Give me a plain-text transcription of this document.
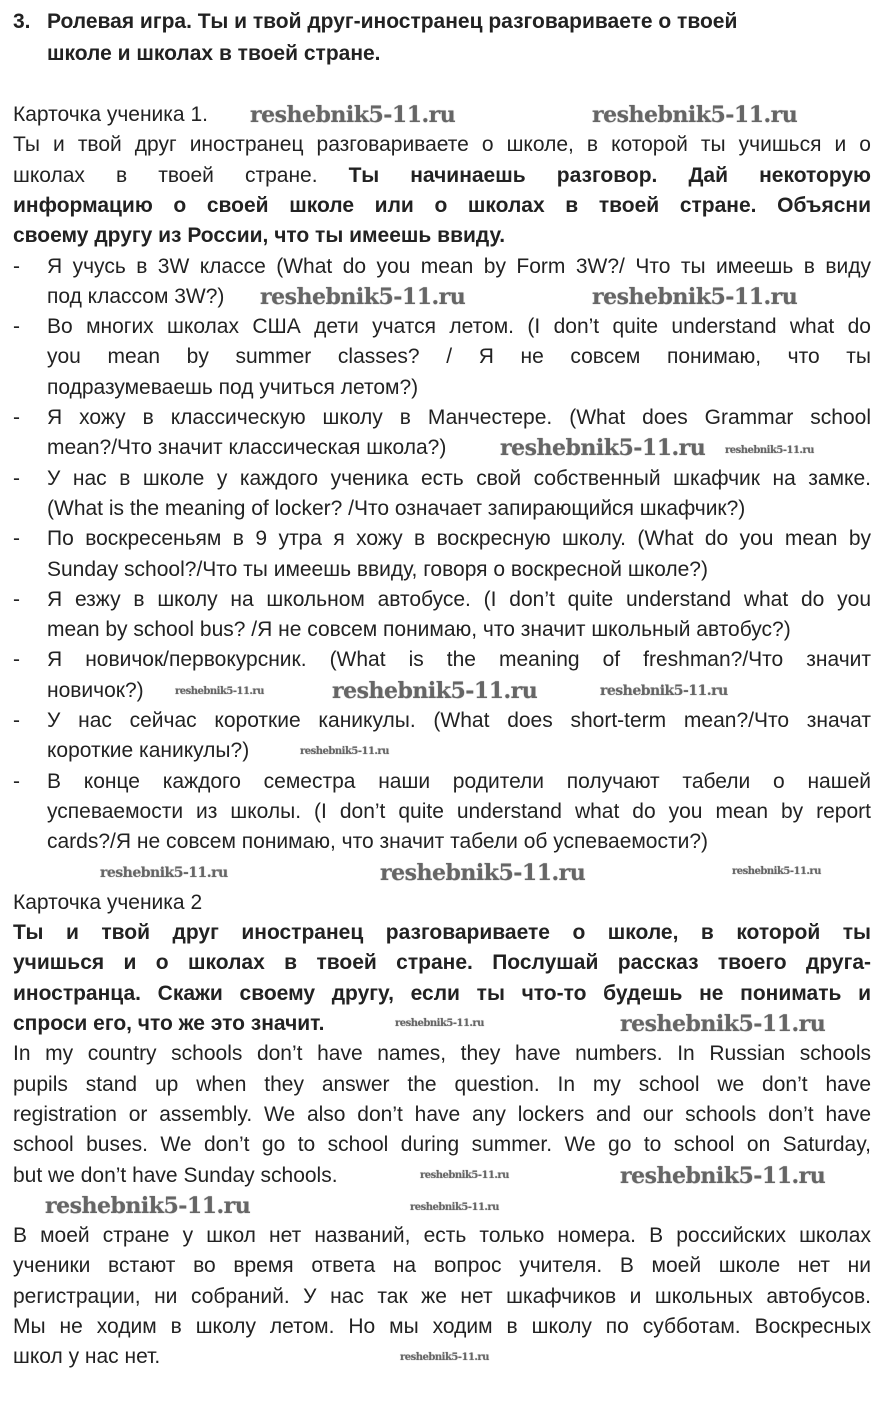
3. Ролевая игра. Ты и твой друг-иностранец разговариваете о твоей
школе и школах в твоей стране.
Карточка ученика 1.
Ты и твой друг иностранец разговариваете о школе, в которой ты учишься и о
школах в твоей стране. Ты начинаешь разговор. Дай некоторую
информацию о своей школе или о школах в твоей стране. Объясни
своему другу из России, что ты имеешь ввиду.
- Я учусь в 3W классе (What do you mean by Form 3W?/ Что ты имеешь в виду
под классом 3W?)
- Во многих школах США дети учатся летом. (I don’t quite understand what do
you mean by summer classes? / Я не совсем понимаю, что ты
подразумеваешь под учиться летом?)
- Я хожу в классическую школу в Манчестере. (What does Grammar school
mean?/Что значит классическая школа?)
- У нас в школе у каждого ученика есть свой собственный шкафчик на замке.
(What is the meaning of locker? /Что означает запирающийся шкафчик?)
- По воскресеньям в 9 утра я хожу в воскресную школу. (What do you mean by
Sunday school?/Что ты имеешь ввиду, говоря о воскресной школе?)
- Я езжу в школу на школьном автобусе. (I don’t quite understand what do you
mean by school bus? /Я не совсем понимаю, что значит школьный автобус?)
- Я новичок/первокурсник. (What is the meaning of freshman?/Что значит
новичок?)
- У нас сейчас короткие каникулы. (What does short-term mean?/Что значат
короткие каникулы?)
- В конце каждого семестра наши родители получают табели о нашей
успеваемости из школы. (I don’t quite understand what do you mean by report
cards?/Я не совсем понимаю, что значит табели об успеваемости?)
Карточка ученика 2
Ты и твой друг иностранец разговариваете о школе, в которой ты
учишься и о школах в твоей стране. Послушай рассказ твоего друга-
иностранца. Скажи своему другу, если ты что-то будешь не понимать и
спроси его, что же это значит.
In my country schools don’t have names, they have numbers. In Russian schools
pupils stand up when they answer the question. In my school we don’t have
registration or assembly. We also don’t have any lockers and our schools don’t have
school buses. We don’t go to school during summer. We go to school on Saturday,
but we don’t have Sunday schools.
В моей стране у школ нет названий, есть только номера. В российских школах
ученики встают во время ответа на вопрос учителя. В моей школе нет ни
регистрации, ни собраний. У нас так же нет шкафчиков и школьных автобусов.
Мы не ходим в школу летом. Но мы ходим в школу по субботам. Воскресных
школ у нас нет.
reshebnik5-11.ru	reshebnik5-11.ru
reshebnik5-11.ru	reshebnik5-11.ru
reshebnik5-11.ru
reshebnik5-11.ru
reshebnik5-11.ru
reshebnik5-11.ru
reshebnik5-11.ru
reshebnik5-11.ru
reshebnik5-11.ru
reshebnik5-11.ru	reshebnik5-11.ru
reshebnik5-11.ru
reshebnik5-11.ru	reshebnik5-11.ru
reshebnik5-11.ru
reshebnik5-11.ru
reshebnik5-11.ru
reshebnik5-11.ru
